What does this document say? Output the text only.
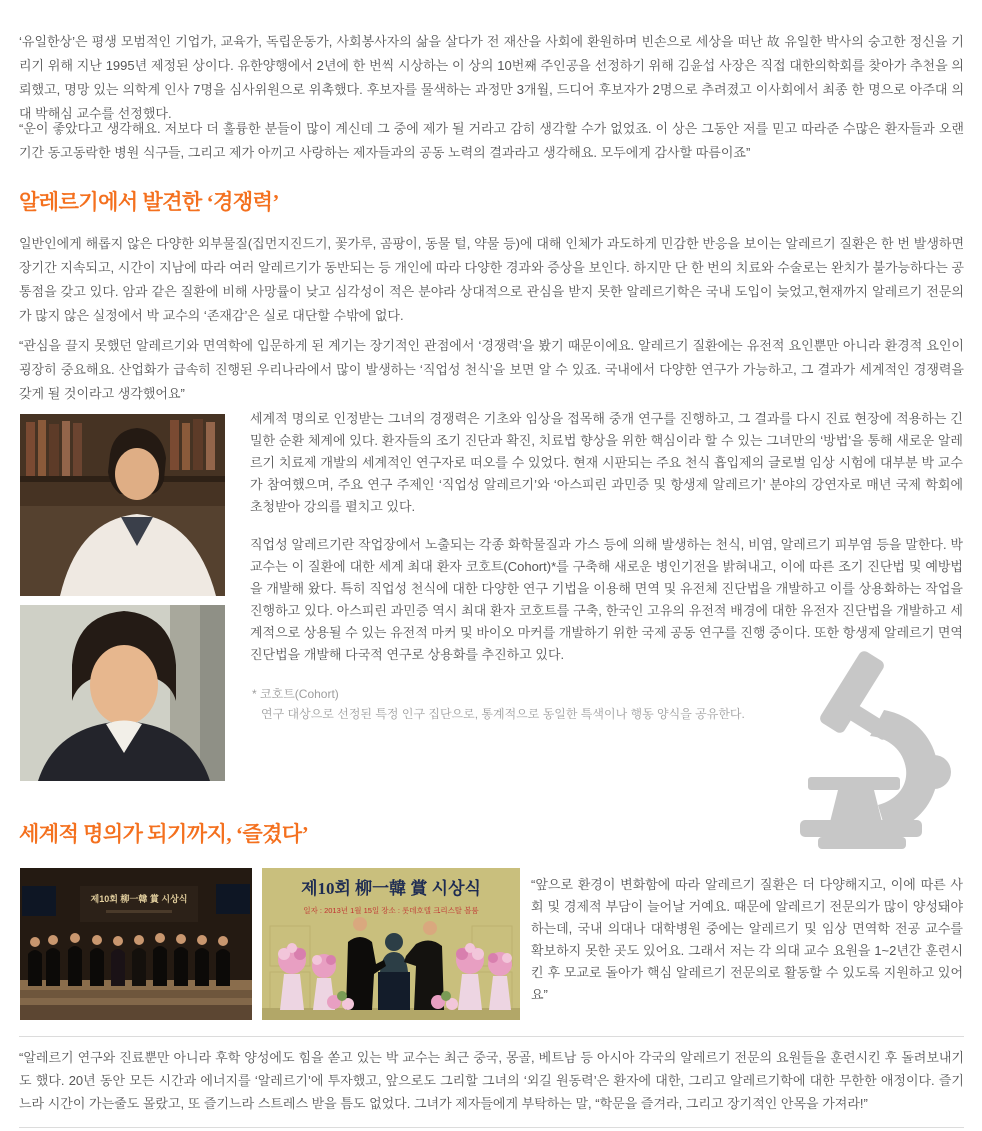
‘유일한상’은 평생 모범적인 기업가, 교육가, 독립운동가, 사회봉사자의 삶을 살다가 전 재산을 사회에 환원하며 빈손으로 세상을 떠난 故 유일한 박사의 숭고한 정신을 기리기 위해 지난 1995년 제정된 상이다. 유한양행에서 2년에 한 번씩 시상하는 이 상의 10번째 주인공을 선정하기 위해 김윤섭 사장은 직접 대한의학회를 찾아가 추천을 의뢰했고, 명망 있는 의학계 인사 7명을 심사위원으로 위촉했다. 후보자를 물색하는 과정만 3개월, 드디어 후보자가 2명으로 추려졌고 이사회에서 최종 한 명으로 아주대 의대 박해심 교수를 선정했다.

“운이 좋았다고 생각해요. 저보다 더 훌륭한 분들이 많이 계신데 그 중에 제가 될 거라고 감히 생각할 수가 없었죠. 이 상은 그동안 저를 믿고 따라준 수많은 환자들과 오랜 기간 동고동락한 병원 식구들, 그리고 제가 아끼고 사랑하는 제자들과의 공동 노력의 결과라고 생각해요. 모두에게 감사할 따름이죠”

알레르기에서 발견한 ‘경쟁력’

일반인에게 해롭지 않은 다양한 외부물질(집먼지진드기, 꽃가루, 곰팡이, 동물 털, 약물 등)에 대해 인체가 과도하게 민감한 반응을 보이는 알레르기 질환은 한 번 발생하면 장기간 지속되고, 시간이 지남에 따라 여러 알레르기가 동반되는 등 개인에 따라 다양한 경과와 증상을 보인다. 하지만 단 한 번의 치료와 수술로는 완치가 불가능하다는 공통점을 갖고 있다. 암과 같은 질환에 비해 사망률이 낮고 심각성이 적은 분야라 상대적으로 관심을 받지 못한 알레르기학은 국내 도입이 늦었고,현재까지 알레르기 전문의가 많지 않은 실정에서 박 교수의 ‘존재감’은 실로 대단할 수밖에 없다.

“관심을 끌지 못했던 알레르기와 면역학에 입문하게 된 계기는 장기적인 관점에서 ‘경쟁력’을 봤기 때문이에요. 알레르기 질환에는 유전적 요인뿐만 아니라 환경적 요인이 굉장히 중요해요. 산업화가 급속히 진행된 우리나라에서 많이 발생하는 ‘직업성 천식’을 보면 알 수 있죠. 국내에서 다양한 연구가 가능하고, 그 결과가 세계적인 경쟁력을 갖게 될 것이라고 생각했어요”

세계적 명의로 인정받는 그녀의 경쟁력은 기초와 임상을 접목해 중개 연구를 진행하고, 그 결과를 다시 진료 현장에 적용하는 긴밀한 순환 체계에 있다. 환자들의 조기 진단과 확진, 치료법 향상을 위한 핵심이라 할 수 있는 그녀만의 ‘방법’을 통해 새로운 알레르기 치료제 개발의 세계적인 연구자로 떠오를 수 있었다. 현재 시판되는 주요 천식 흡입제의 글로벌 임상 시험에 대부분 박 교수가 참여했으며, 주요 연구 주제인 ‘직업성 알레르기’와 ‘아스피린 과민증 및 항생제 알레르기’ 분야의 강연자로 매년 국제 학회에 초청받아 강의를 펼치고 있다.

직업성 알레르기란 작업장에서 노출되는 각종 화학물질과 가스 등에 의해 발생하는 천식, 비염, 알레르기 피부염 등을 말한다. 박 교수는 이 질환에 대한 세계 최대 환자 코호트(Cohort)*를 구축해 새로운 병인기전을 밝혀내고, 이에 따른 조기 진단법 및 예방법을 개발해 왔다. 특히 직업성 천식에 대한 다양한 연구 기법을 이용해 면역 및 유전체 진단법을 개발하고 이를 상용화하는 작업을 진행하고 있다. 아스피린 과민증 역시 최대 환자 코호트를 구축, 한국인 고유의 유전적 배경에 대한 유전자 진단법을 개발하고 세계적으로 상용될 수 있는 유전적 마커 및 바이오 마커를 개발하기 위한 국제 공동 연구를 진행 중이다. 또한 항생제 알레르기 면역진단법을 개발해 다국적 연구로 상용화를 추진하고 있다.

* 코호트(Cohort)
연구 대상으로 선정된 특정 인구 집단으로, 통계적으로 동일한 특색이나 행동 양식을 공유한다.
세계적 명의가 되기까지, ‘즐겼다’
제10회 柳一韓 賞 시상식
제10회 柳一韓 賞 시상식
일자 : 2013년 1월 15일 장소 : 롯데호텔 크리스탈 볼룸

“앞으로 환경이 변화함에 따라 알레르기 질환은 더 다양해지고, 이에 따른 사회 및 경제적 부담이 늘어날 거예요. 때문에 알레르기 전문의가 많이 양성돼야 하는데, 국내 의대나 대학병원 중에는 알레르기 및 임상 면역학 전공 교수를 확보하지 못한 곳도 있어요. 그래서 저는 각 의대 교수 요원을 1~2년간 훈련시킨 후 모교로 돌아가 핵심 알레르기 전문의로 활동할 수 있도록 지원하고 있어요”

“알레르기 연구와 진료뿐만 아니라 후학 양성에도 힘을 쏟고 있는 박 교수는 최근 중국, 몽골, 베트남 등 아시아 각국의 알레르기 전문의 요원들을 훈련시킨 후 돌려보내기도 했다. 20년 동안 모든 시간과 에너지를 ‘알레르기’에 투자했고, 앞으로도 그리할 그녀의 ‘외길 원동력’은 환자에 대한, 그리고 알레르기학에 대한 무한한 애정이다. 즐기느라 시간이 가는줄도 몰랐고, 또 즐기느라 스트레스 받을 틈도 없었다. 그녀가 제자들에게 부탁하는 말, “학문을 즐겨라, 그리고 장기적인 안목을 가져라!”
